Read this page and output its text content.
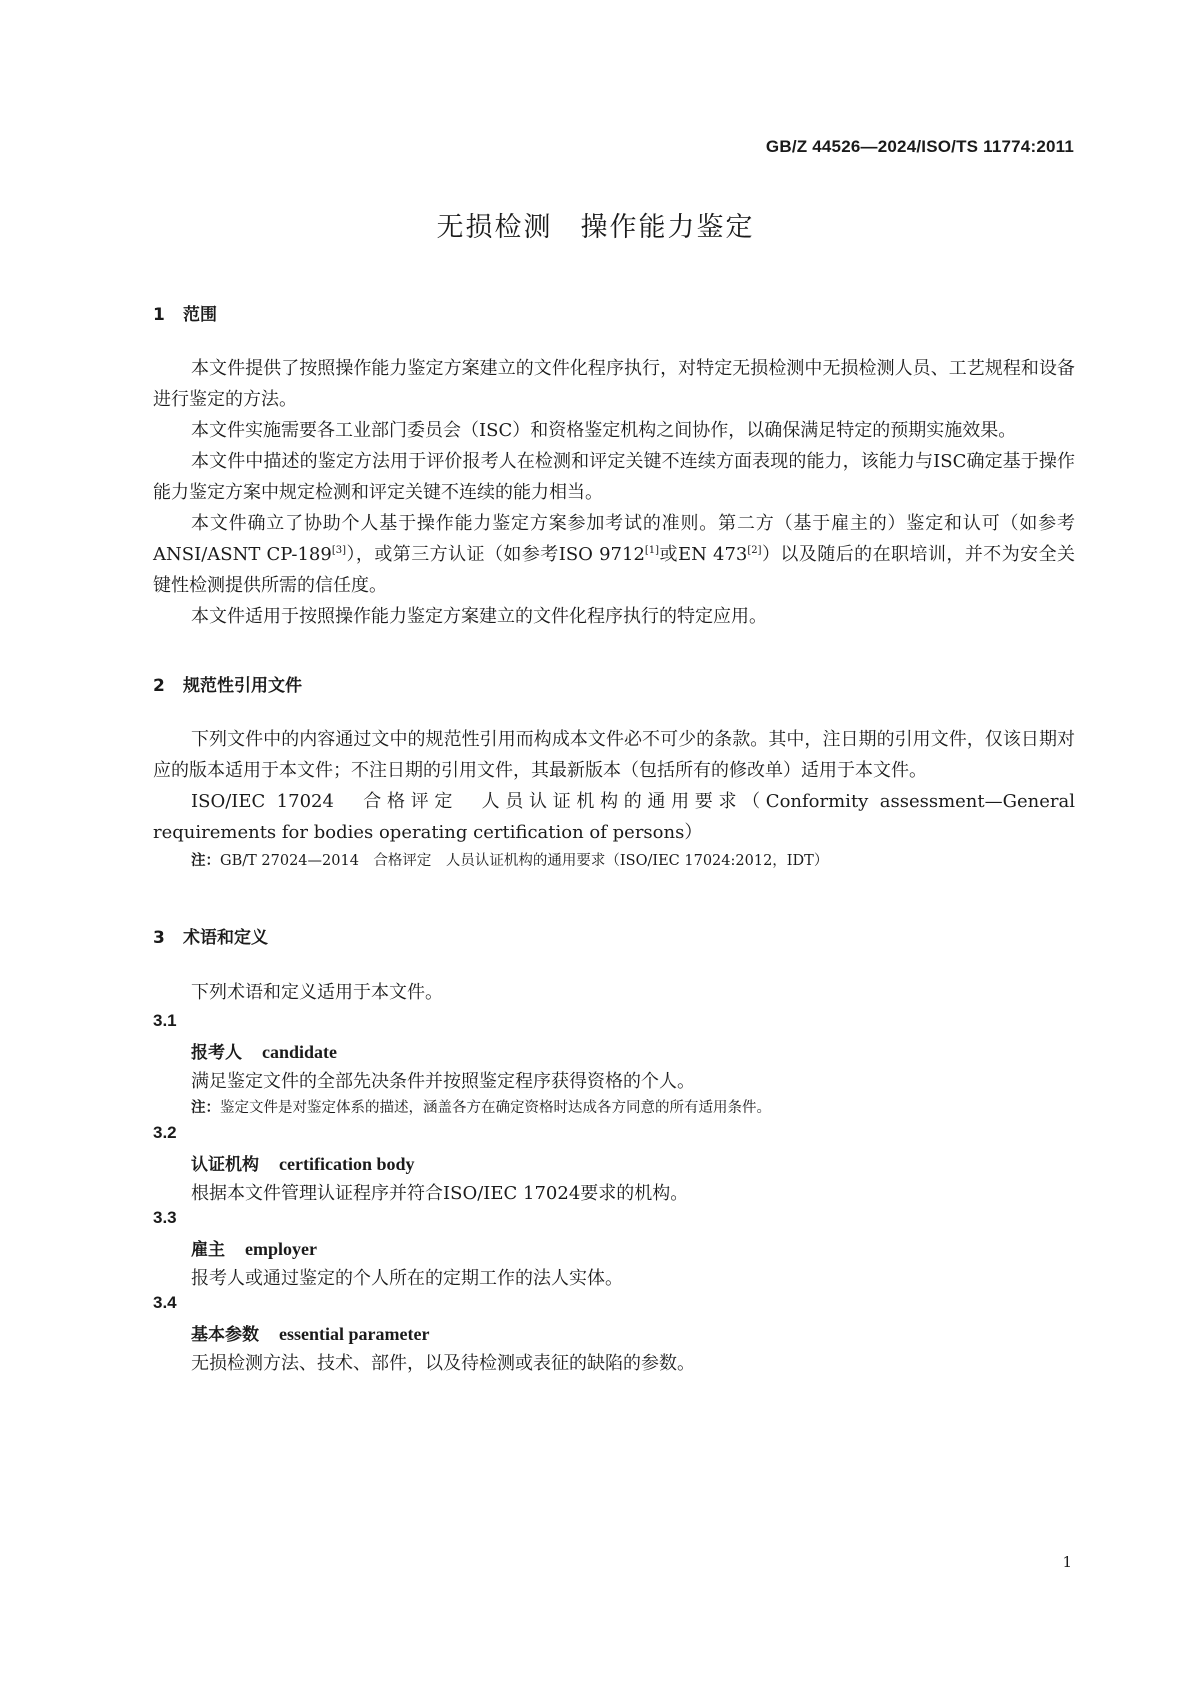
GB/Z 44526—2024/ISO/TS 11774:2011
无损检测 操作能力鉴定
1 范围

本文件提供了按照操作能力鉴定方案建立的文件化程序执行，对特定无损检测中无损检测人员、工艺规程和设备进行鉴定的方法。

本文件实施需要各工业部门委员会（ISC）和资格鉴定机构之间协作，以确保满足特定的预期实施效果。

本文件中描述的鉴定方法用于评价报考人在检测和评定关键不连续方面表现的能力，该能力与ISC确定基于操作能力鉴定方案中规定检测和评定关键不连续的能力相当。

本文件确立了协助个人基于操作能力鉴定方案参加考试的准则。第二方（基于雇主的）鉴定和认可（如参考ANSI/ASNT CP-189[3]），或第三方认证（如参考ISO 9712[1]或EN 473[2]）以及随后的在职培训，并不为安全关键性检测提供所需的信任度。

本文件适用于按照操作能力鉴定方案建立的文件化程序执行的特定应用。

2 规范性引用文件

下列文件中的内容通过文中的规范性引用而构成本文件必不可少的条款。其中，注日期的引用文件，仅该日期对应的版本适用于本文件；不注日期的引用文件，其最新版本（包括所有的修改单）适用于本文件。

ISO/IEC 17024　合格评定　人员认证机构的通用要求（Conformity assessment—General requirements for bodies operating certification of persons）

注：GB/T 27024—2014　合格评定　人员认证机构的通用要求（ISO/IEC 17024:2012，IDT）

3 术语和定义

下列术语和定义适用于本文件。

3.1
报考人 candidate
满足鉴定文件的全部先决条件并按照鉴定程序获得资格的个人。
注：鉴定文件是对鉴定体系的描述，涵盖各方在确定资格时达成各方同意的所有适用条件。
3.2
认证机构 certification body
根据本文件管理认证程序并符合ISO/IEC 17024要求的机构。
3.3
雇主 employer
报考人或通过鉴定的个人所在的定期工作的法人实体。
3.4
基本参数 essential parameter
无损检测方法、技术、部件，以及待检测或表征的缺陷的参数。
1
